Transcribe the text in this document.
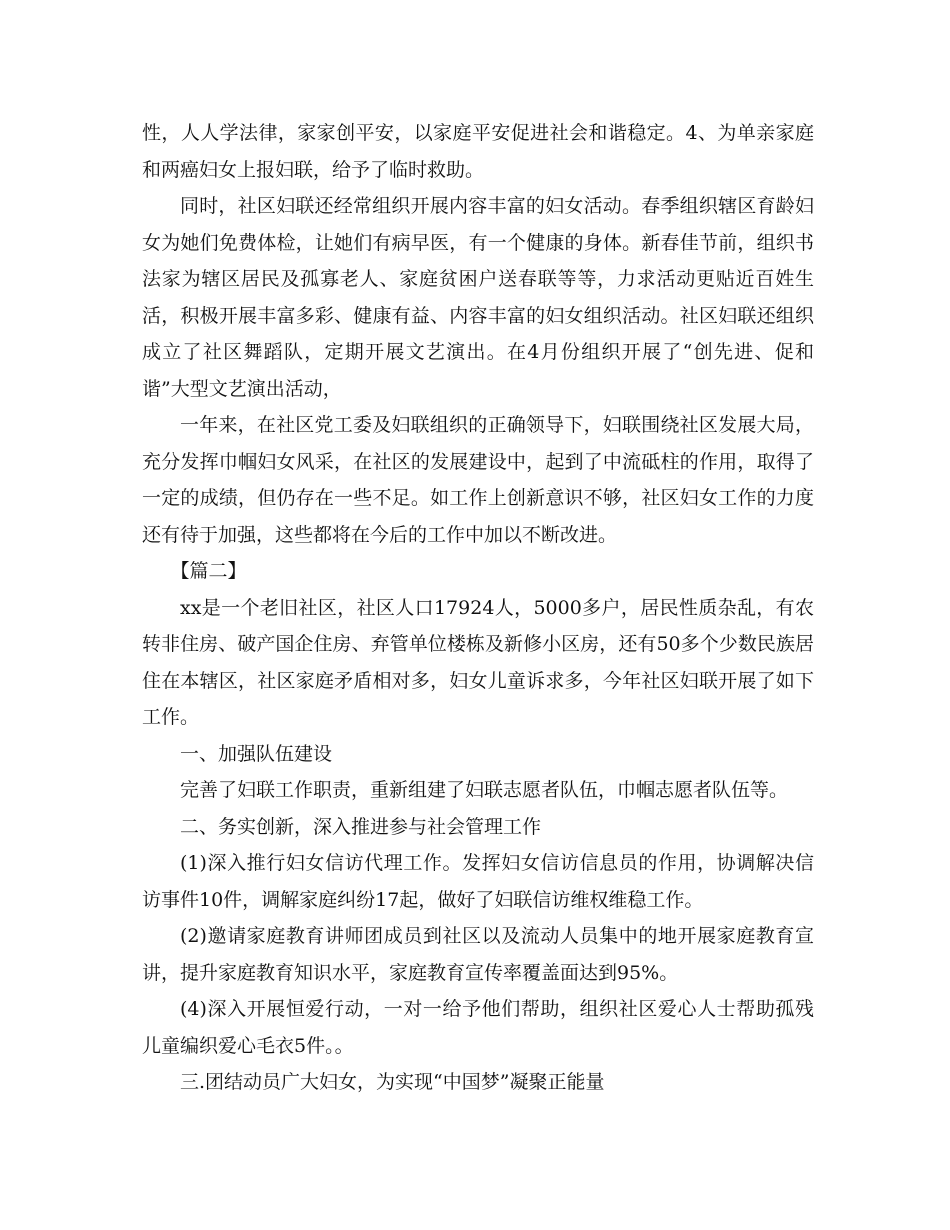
性，人人学法律，家家创平安，以家庭平安促进社会和谐稳定。4、为单亲家庭和两癌妇女上报妇联，给予了临时救助。

同时，社区妇联还经常组织开展内容丰富的妇女活动。春季组织辖区育龄妇女为她们免费体检，让她们有病早医，有一个健康的身体。新春佳节前，组织书法家为辖区居民及孤寡老人、家庭贫困户送春联等等，力求活动更贴近百姓生活，积极开展丰富多彩、健康有益、内容丰富的妇女组织活动。社区妇联还组织成立了社区舞蹈队，定期开展文艺演出。在4月份组织开展了“创先进、促和谐”大型文艺演出活动，

一年来，在社区党工委及妇联组织的正确领导下，妇联围绕社区发展大局，充分发挥巾帼妇女风采，在社区的发展建设中，起到了中流砥柱的作用，取得了一定的成绩，但仍存在一些不足。如工作上创新意识不够，社区妇女工作的力度还有待于加强，这些都将在今后的工作中加以不断改进。

【篇二】

xx是一个老旧社区，社区人口17924人，5000多户，居民性质杂乱，有农转非住房、破产国企住房、弃管单位楼栋及新修小区房，还有50多个少数民族居住在本辖区，社区家庭矛盾相对多，妇女儿童诉求多，今年社区妇联开展了如下工作。

一、加强队伍建设

完善了妇联工作职责，重新组建了妇联志愿者队伍，巾帼志愿者队伍等。

二、务实创新，深入推进参与社会管理工作

(1)深入推行妇女信访代理工作。发挥妇女信访信息员的作用，协调解决信访事件10件，调解家庭纠纷17起，做好了妇联信访维权维稳工作。

(2)邀请家庭教育讲师团成员到社区以及流动人员集中的地开展家庭教育宣讲，提升家庭教育知识水平，家庭教育宣传率覆盖面达到95%。

(4)深入开展恒爱行动，一对一给予他们帮助，组织社区爱心人士帮助孤残儿童编织爱心毛衣5件。。

三.团结动员广大妇女，为实现“中国梦”凝聚正能量
